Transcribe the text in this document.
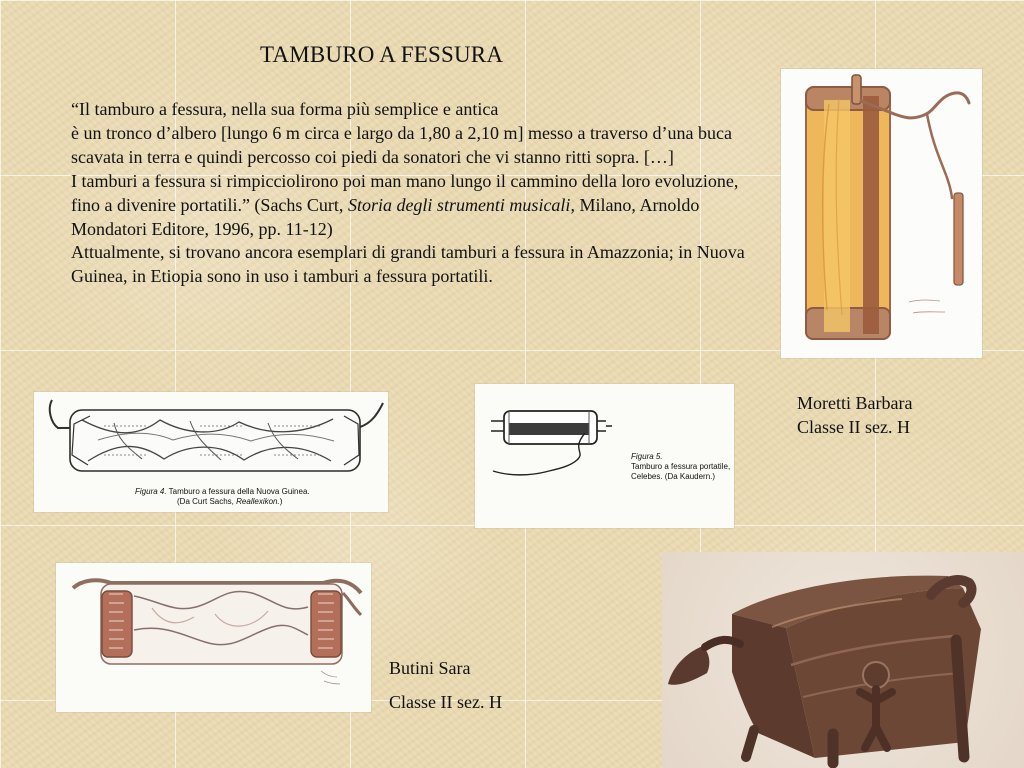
TAMBURO A FESSURA

“Il tamburo a fessura, nella sua forma più semplice e antica

è un tronco d’albero [lungo 6 m circa e largo da 1,80 a 2,10 m] messo a traverso d’una buca scavata in terra e quindi percosso coi piedi da sonatori che vi stanno ritti sopra. […]

I tamburi a fessura si rimpicciolirono poi man mano lungo il cammino della loro evoluzione, fino a divenire portatili.” (Sachs Curt, Storia degli strumenti musicali, Milano, Arnoldo Mondatori Editore, 1996, pp. 11-12)

Attualmente, si trovano ancora esemplari di grandi tamburi a fessura in Amazzonia; in Nuova Guinea, in Etiopia sono in uso i tamburi a fessura portatili.

Moretti Barbara
Classe II sez. H
Figura 4. Tamburo a fessura della Nuova Guinea.
(Da Curt Sachs, Reallexikon.)
Figura 5.
Tamburo a fessura portatile,
Celebes. (Da Kaudern.)
Butini Sara
Classe II sez. H
